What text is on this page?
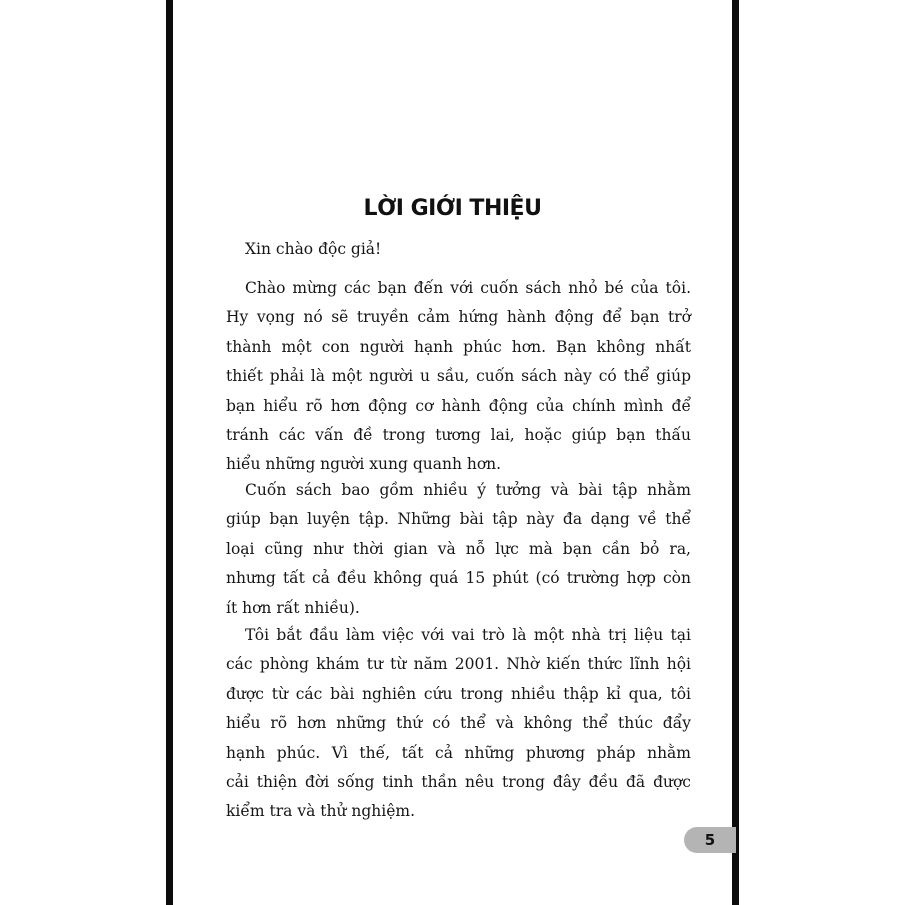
LỜI GIỚI THIỆU
Xin chào độc giả!
Chào mừng các bạn đến với cuốn sách nhỏ bé của tôi.
Hy vọng nó sẽ truyền cảm hứng hành động để bạn trở
thành một con người hạnh phúc hơn. Bạn không nhất
thiết phải là một người u sầu, cuốn sách này có thể giúp
bạn hiểu rõ hơn động cơ hành động của chính mình để
tránh các vấn đề trong tương lai, hoặc giúp bạn thấu
hiểu những người xung quanh hơn.
Cuốn sách bao gồm nhiều ý tưởng và bài tập nhằm
giúp bạn luyện tập. Những bài tập này đa dạng về thể
loại cũng như thời gian và nỗ lực mà bạn cần bỏ ra,
nhưng tất cả đều không quá 15 phút (có trường hợp còn
ít hơn rất nhiều).
Tôi bắt đầu làm việc với vai trò là một nhà trị liệu tại
các phòng khám tư từ năm 2001. Nhờ kiến thức lĩnh hội
được từ các bài nghiên cứu trong nhiều thập kỉ qua, tôi
hiểu rõ hơn những thứ có thể và không thể thúc đẩy
hạnh phúc. Vì thế, tất cả những phương pháp nhằm
cải thiện đời sống tinh thần nêu trong đây đều đã được
kiểm tra và thử nghiệm.
5
